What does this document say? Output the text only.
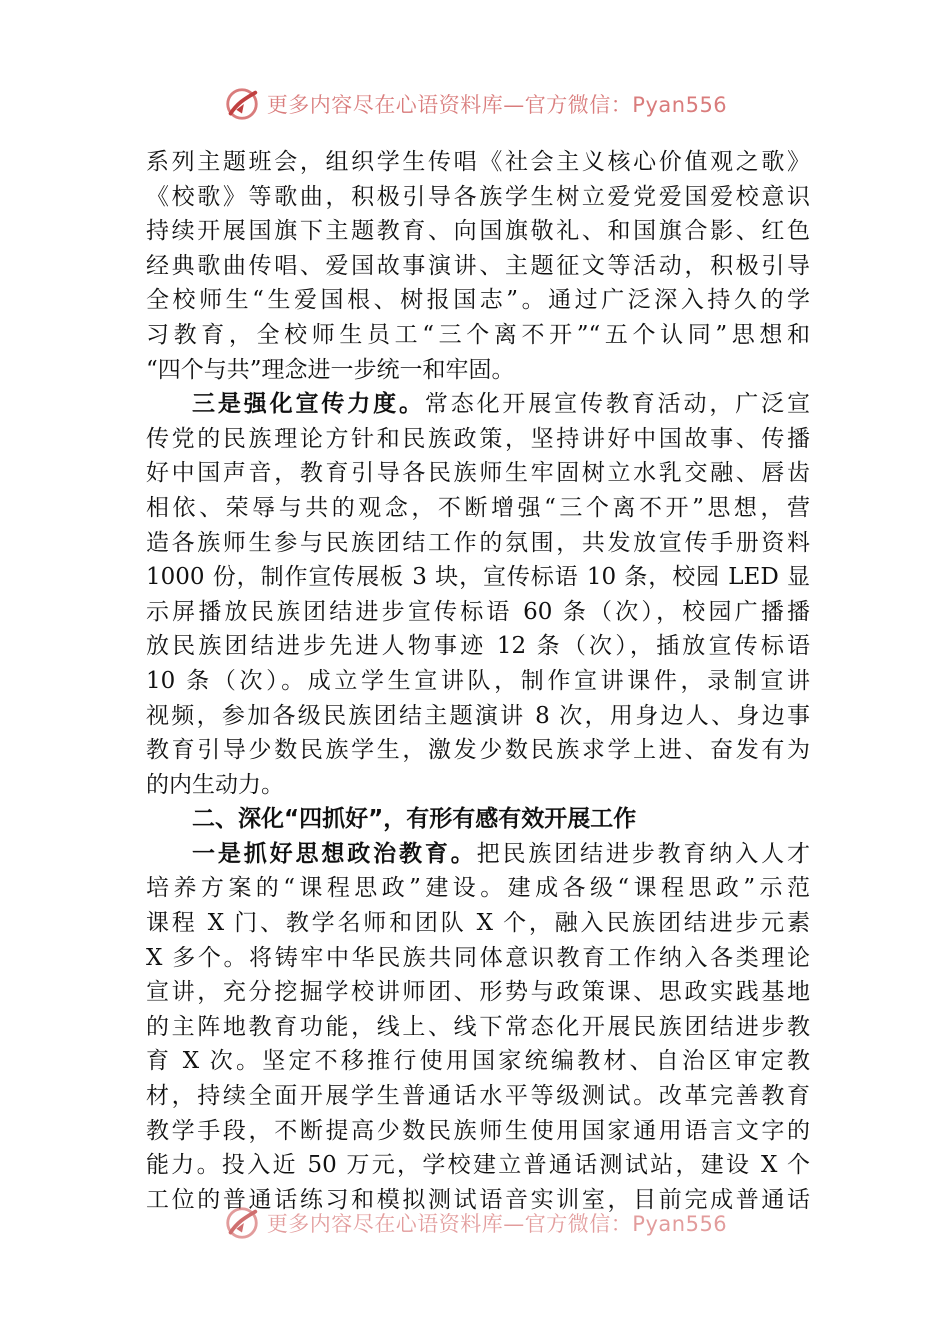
更多内容尽在心语资料库—官方微信：Pyan556

系列主题班会，组织学生传唱《社会主义核心价值观之歌》

《校歌》等歌曲，积极引导各族学生树立爱党爱国爱校意识

持续开展国旗下主题教育、向国旗敬礼、和国旗合影、红色

经典歌曲传唱、爱国故事演讲、主题征文等活动，积极引导

全校师生“生爱国根、树报国志”。通过广泛深入持久的学

习教育，全校师生员工“三个离不开”“五个认同”思想和

“四个与共”理念进一步统一和牢固。

三是强化宣传力度。常态化开展宣传教育活动，广泛宣

传党的民族理论方针和民族政策，坚持讲好中国故事、传播

好中国声音，教育引导各民族师生牢固树立水乳交融、唇齿

相依、荣辱与共的观念，不断增强“三个离不开”思想，营

造各族师生参与民族团结工作的氛围，共发放宣传手册资料

1000 份，制作宣传展板 3 块，宣传标语 10 条，校园 LED 显

示屏播放民族团结进步宣传标语 60 条（次），校园广播播

放民族团结进步先进人物事迹 12 条（次），插放宣传标语

10 条（次）。成立学生宣讲队，制作宣讲课件，录制宣讲

视频，参加各级民族团结主题演讲 8 次，用身边人、身边事

教育引导少数民族学生，激发少数民族求学上进、奋发有为

的内生动力。

二、深化“四抓好”，有形有感有效开展工作

一是抓好思想政治教育。把民族团结进步教育纳入人才

培养方案的“课程思政”建设。建成各级“课程思政”示范

课程 X 门、教学名师和团队 X 个，融入民族团结进步元素

X 多个。将铸牢中华民族共同体意识教育工作纳入各类理论

宣讲，充分挖掘学校讲师团、形势与政策课、思政实践基地

的主阵地教育功能，线上、线下常态化开展民族团结进步教

育 X 次。坚定不移推行使用国家统编教材、自治区审定教

材，持续全面开展学生普通话水平等级测试。改革完善教育

教学手段，不断提高少数民族师生使用国家通用语言文字的

能力。投入近 50 万元，学校建立普通话测试站，建设 X 个

工位的普通话练习和模拟测试语音实训室，目前完成普通话

更多内容尽在心语资料库—官方微信：Pyan556
